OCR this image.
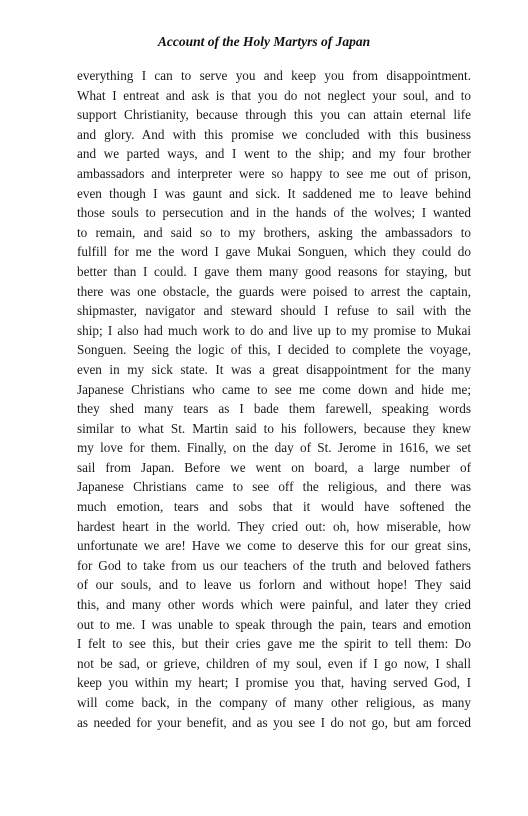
Account of the Holy Martyrs of Japan
everything I can to serve you and keep you from disappointment.
What I entreat and ask is that you do not neglect your soul, and to
support Christianity, because through this you can attain eternal life
and glory. And with this promise we concluded with this business
and we parted ways, and I went to the ship; and my four brother
ambassadors and interpreter were so happy to see me out of prison,
even though I was gaunt and sick. It saddened me to leave behind
those souls to persecution and in the hands of the wolves; I wanted
to remain, and said so to my brothers, asking the ambassadors to
fulfill for me the word I gave Mukai Songuen, which they could do
better than I could. I gave them many good reasons for staying, but
there was one obstacle, the guards were poised to arrest the captain,
shipmaster, navigator and steward should I refuse to sail with the
ship; I also had much work to do and live up to my promise to Mukai
Songuen. Seeing the logic of this, I decided to complete the voyage,
even in my sick state. It was a great disappointment for the many
Japanese Christians who came to see me come down and hide me;
they shed many tears as I bade them farewell, speaking words
similar to what St. Martin said to his followers, because they knew
my love for them. Finally, on the day of St. Jerome in 1616, we set
sail from Japan. Before we went on board, a large number of
Japanese Christians came to see off the religious, and there was
much emotion, tears and sobs that it would have softened the
hardest heart in the world. They cried out: oh, how miserable, how
unfortunate we are! Have we come to deserve this for our great sins,
for God to take from us our teachers of the truth and beloved fathers
of our souls, and to leave us forlorn and without hope! They said
this, and many other words which were painful, and later they cried
out to me. I was unable to speak through the pain, tears and emotion
I felt to see this, but their cries gave me the spirit to tell them: Do
not be sad, or grieve, children of my soul, even if I go now, I shall
keep you within my heart; I promise you that, having served God, I
will come back, in the company of many other religious, as many
as needed for your benefit, and as you see I do not go, but am forced
